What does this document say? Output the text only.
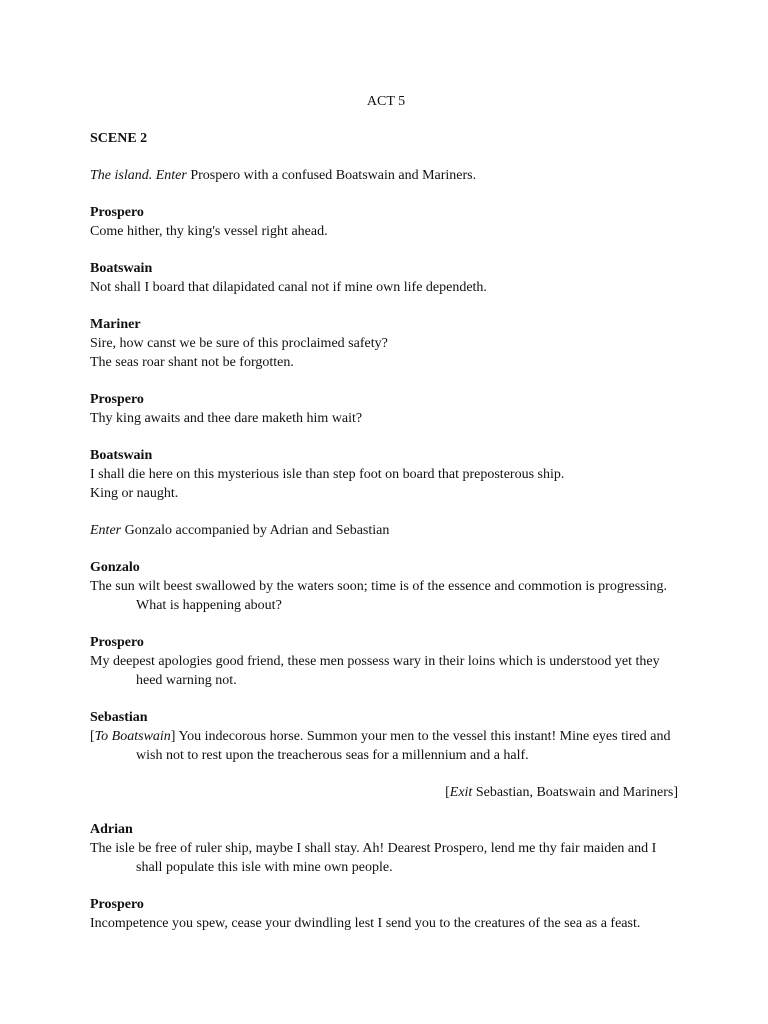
ACT 5
SCENE 2
The island. Enter Prospero with a confused Boatswain and Mariners.
Prospero
Come hither, thy king's vessel right ahead.
Boatswain
Not shall I board that dilapidated canal not if mine own life dependeth.
Mariner
Sire, how canst we be sure of this proclaimed safety?
The seas roar shant not be forgotten.
Prospero
Thy king awaits and thee dare maketh him wait?
Boatswain
I shall die here on this mysterious isle than step foot on board that preposterous ship.
King or naught.
Enter Gonzalo accompanied by Adrian and Sebastian
Gonzalo
The sun wilt beest swallowed by the waters soon; time is of the essence and commotion is progressing. What is happening about?
Prospero
My deepest apologies good friend, these men possess wary in their loins which is understood yet they heed warning not.
Sebastian
[To Boatswain] You indecorous horse. Summon your men to the vessel this instant! Mine eyes tired and wish not to rest upon the treacherous seas for a millennium and a half.
[Exit Sebastian, Boatswain and Mariners]
Adrian
The isle be free of ruler ship, maybe I shall stay. Ah! Dearest Prospero, lend me thy fair maiden and I shall populate this isle with mine own people.
Prospero
Incompetence you spew, cease your dwindling lest I send you to the creatures of the sea as a feast.
